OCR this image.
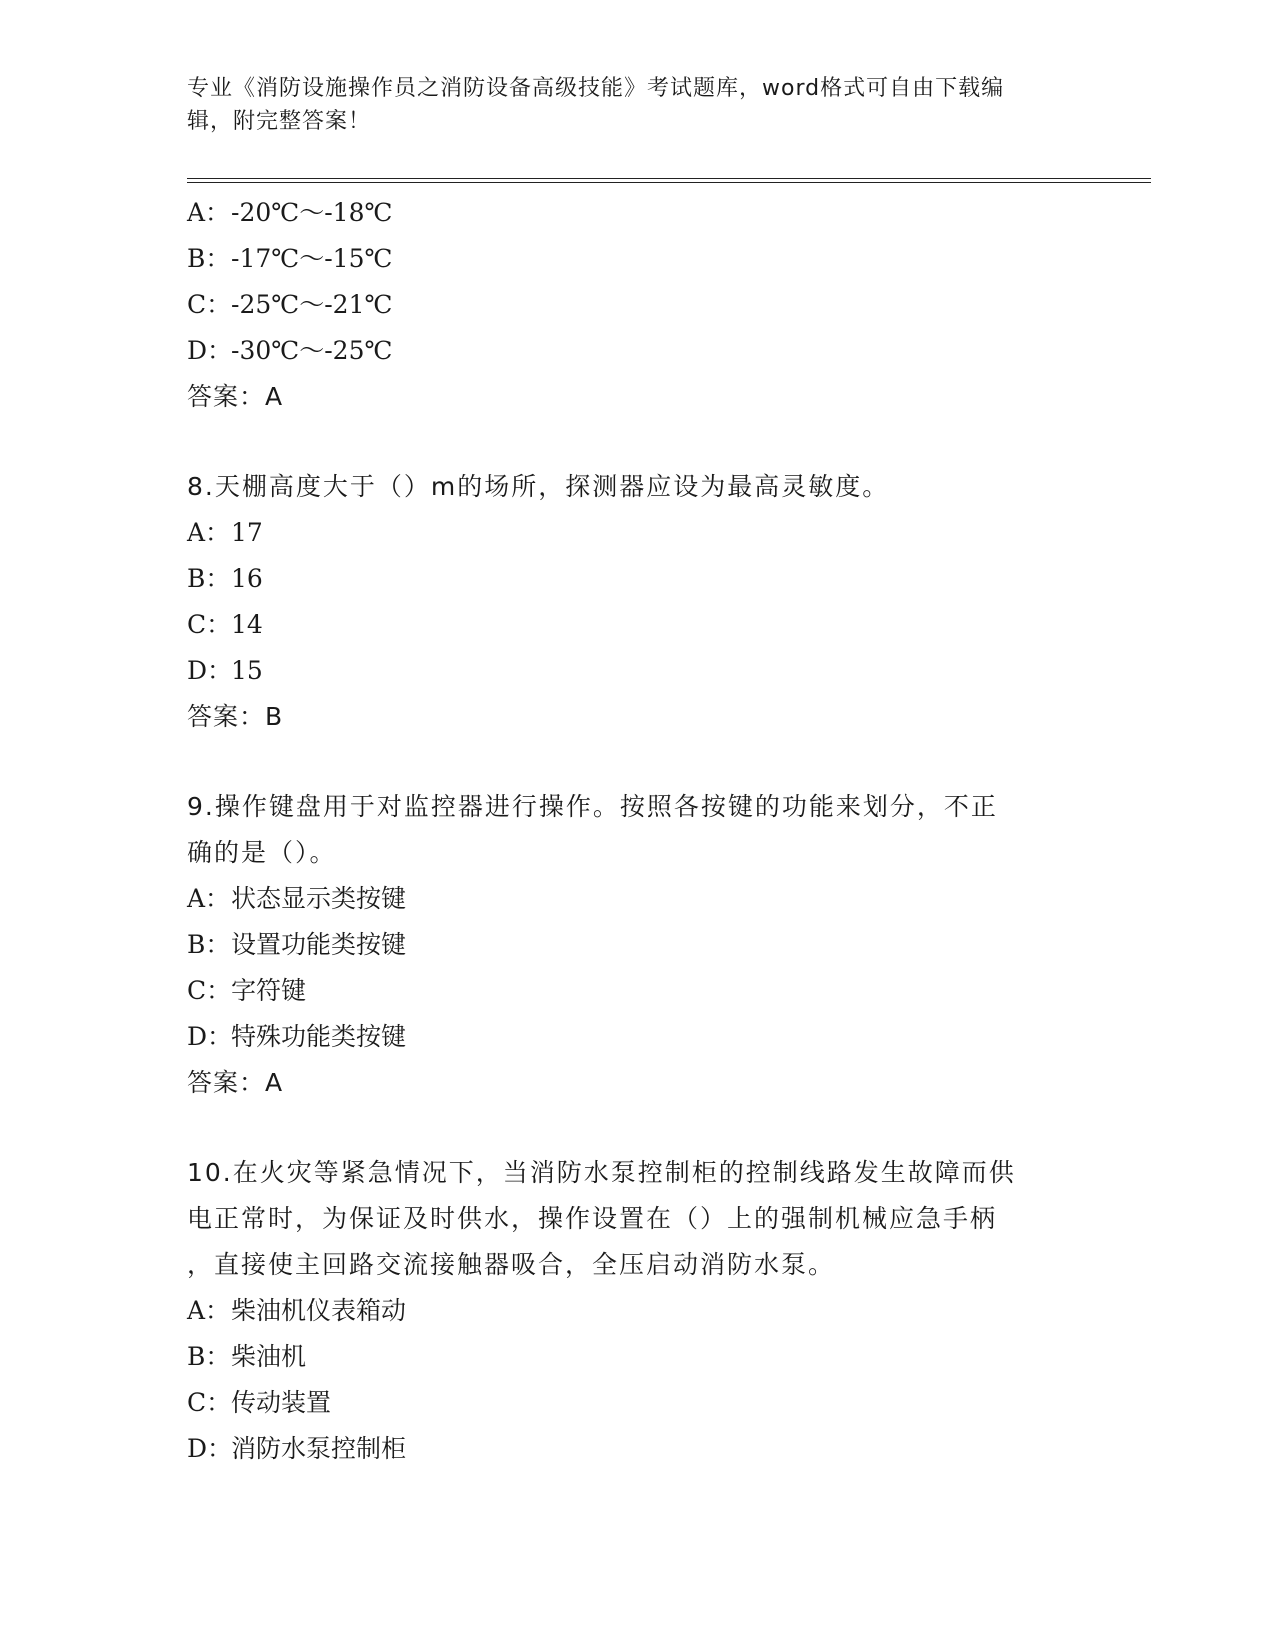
专业《消防设施操作员之消防设备高级技能》考试题库，word格式可自由下载编
辑，附完整答案！
A：-20℃～-18℃
B：-17℃～-15℃
C：-25℃～-21℃
D：-30℃～-25℃
答案：A
8.天棚高度大于（）m的场所，探测器应设为最高灵敏度。
A：17
B：16
C：14
D：15
答案：B
9.操作键盘用于对监控器进行操作。按照各按键的功能来划分，不正
确的是（）。
A：状态显示类按键
B：设置功能类按键
C：字符键
D：特殊功能类按键
答案：A
10.在火灾等紧急情况下，当消防水泵控制柜的控制线路发生故障而供
电正常时，为保证及时供水，操作设置在（）上的强制机械应急手柄
，直接使主回路交流接触器吸合，全压启动消防水泵。
A：柴油机仪表箱动
B：柴油机
C：传动装置
D：消防水泵控制柜
